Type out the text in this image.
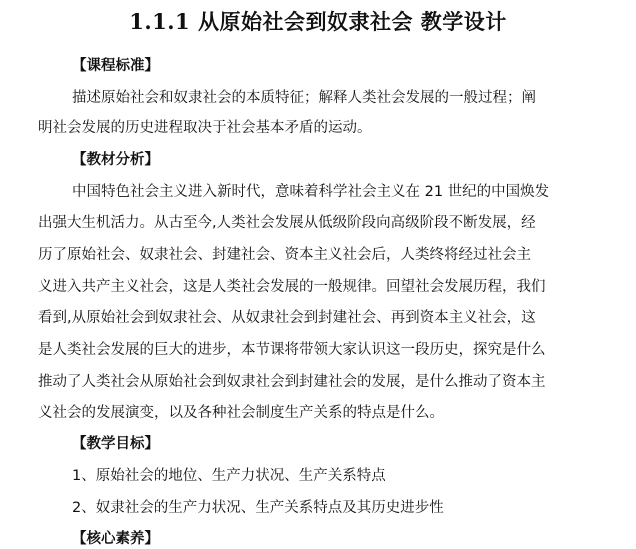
1.1.1 从原始社会到奴隶社会 教学设计
【课程标准】
描述原始社会和奴隶社会的本质特征；解释人类社会发展的一般过程；阐
明社会发展的历史进程取决于社会基本矛盾的运动。
【教材分析】
中国特色社会主义进入新时代，意味着科学社会主义在 21 世纪的中国焕发
出强大生机活力。从古至今,人类社会发展从低级阶段向高级阶段不断发展，经
历了原始社会、奴隶社会、封建社会、资本主义社会后，人类终将经过社会主
义进入共产主义社会，这是人类社会发展的一般规律。回望社会发展历程，我们
看到,从原始社会到奴隶社会、从奴隶社会到封建社会、再到资本主义社会，这
是人类社会发展的巨大的进步，本节课将带领大家认识这一段历史，探究是什么
推动了人类社会从原始社会到奴隶社会到封建社会的发展，是什么推动了资本主
义社会的发展演变，以及各种社会制度生产关系的特点是什么。
【教学目标】
1、原始社会的地位、生产力状况、生产关系特点
2、奴隶社会的生产力状况、生产关系特点及其历史进步性
【核心素养】
